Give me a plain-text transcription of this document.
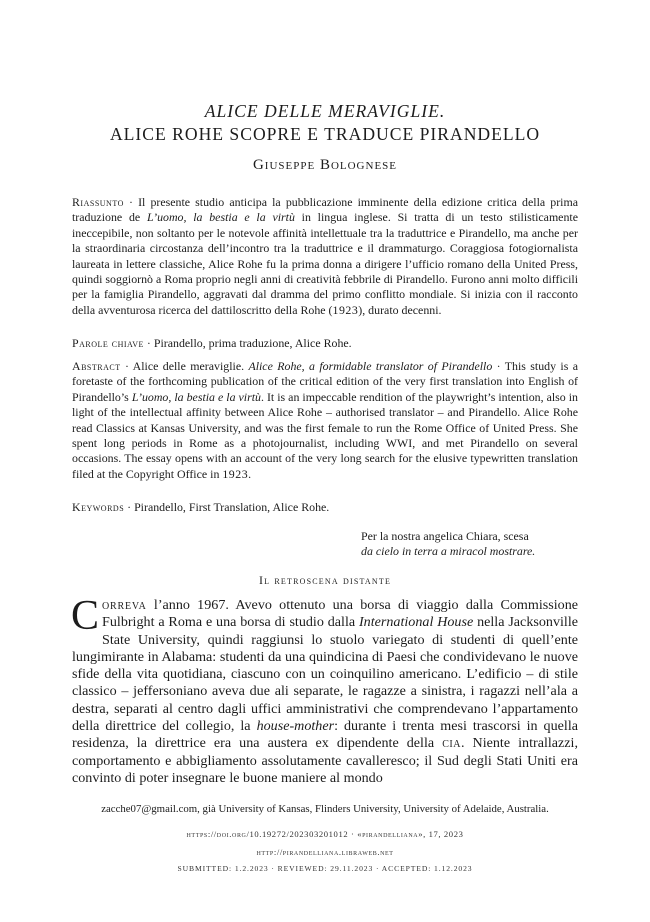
ALICE DELLE MERAVIGLIE.
ALICE ROHE SCOPRE E TRADUCE PIRANDELLO
Giuseppe Bolognese

Riassunto · Il presente studio anticipa la pubblicazione imminente della edizione critica della prima traduzione de L’uomo, la bestia e la virtù in lingua inglese. Si tratta di un testo stilisticamente ineccepibile, non soltanto per le notevole affinità intellettuale tra la traduttrice e Pirandello, ma anche per la straordinaria circostanza dell’incontro tra la traduttrice e il drammaturgo. Coraggiosa fotogiornalista laureata in lettere classiche, Alice Rohe fu la prima donna a dirigere l’ufficio romano della United Press, quindi soggiornò a Roma proprio negli anni di creatività febbrile di Pirandello. Furono anni molto difficili per la famiglia Pirandello, aggravati dal dramma del primo conflitto mondiale. Si inizia con il racconto della avventurosa ricerca del dattiloscritto della Rohe (1923), durato decenni.

Parole chiave · Pirandello, prima traduzione, Alice Rohe.

Abstract · Alice delle meraviglie. Alice Rohe, a formidable translator of Pirandello · This study is a foretaste of the forthcoming publication of the critical edition of the very first translation into English of Pirandello’s L’uomo, la bestia e la virtù. It is an impeccable rendition of the playwright’s intention, also in light of the intellectual affinity between Alice Rohe – authorised translator – and Pirandello. Alice Rohe read Classics at Kansas University, and was the first female to run the Rome Office of United Press. She spent long periods in Rome as a photojournalist, including WWI, and met Pirandello on several occasions. The essay opens with an account of the very long search for the elusive typewritten translation filed at the Copyright Office in 1923.

Keywords · Pirandello, First Translation, Alice Rohe.

Per la nostra angelica Chiara, scesa
da cielo in terra a miracol mostrare.
Il retroscena distante

Correva l’anno 1967. Avevo ottenuto una borsa di viaggio dalla Commissione Fulbright a Roma e una borsa di studio dalla International House nella Jacksonville State University, quindi raggiunsi lo stuolo variegato di studenti di quell’ente lungimirante in Alabama: studenti da una quindicina di Paesi che condividevano le nuove sfide della vita quotidiana, ciascuno con un coinquilino americano. L’edificio – di stile classico – jeffersoniano aveva due ali separate, le ragazze a sinistra, i ragazzi nell’ala a destra, separati al centro dagli uffici amministrativi che comprendevano l’appartamento della direttrice del collegio, la house-mother: durante i trenta mesi trascorsi in quella residenza, la direttrice era una austera ex dipendente della cia. Niente intrallazzi, comportamento e abbigliamento assolutamente cavalleresco; il Sud degli Stati Uniti era convinto di poter insegnare le buone maniere al mondo

zacche07@gmail.com, già University of Kansas, Flinders University, University of Adelaide, Australia.
https://doi.org/10.19272/202303201012 · «pirandelliana», 17, 2023
http://pirandelliana.libraweb.net
SUBMITTED: 1.2.2023 · REVIEWED: 29.11.2023 · ACCEPTED: 1.12.2023
